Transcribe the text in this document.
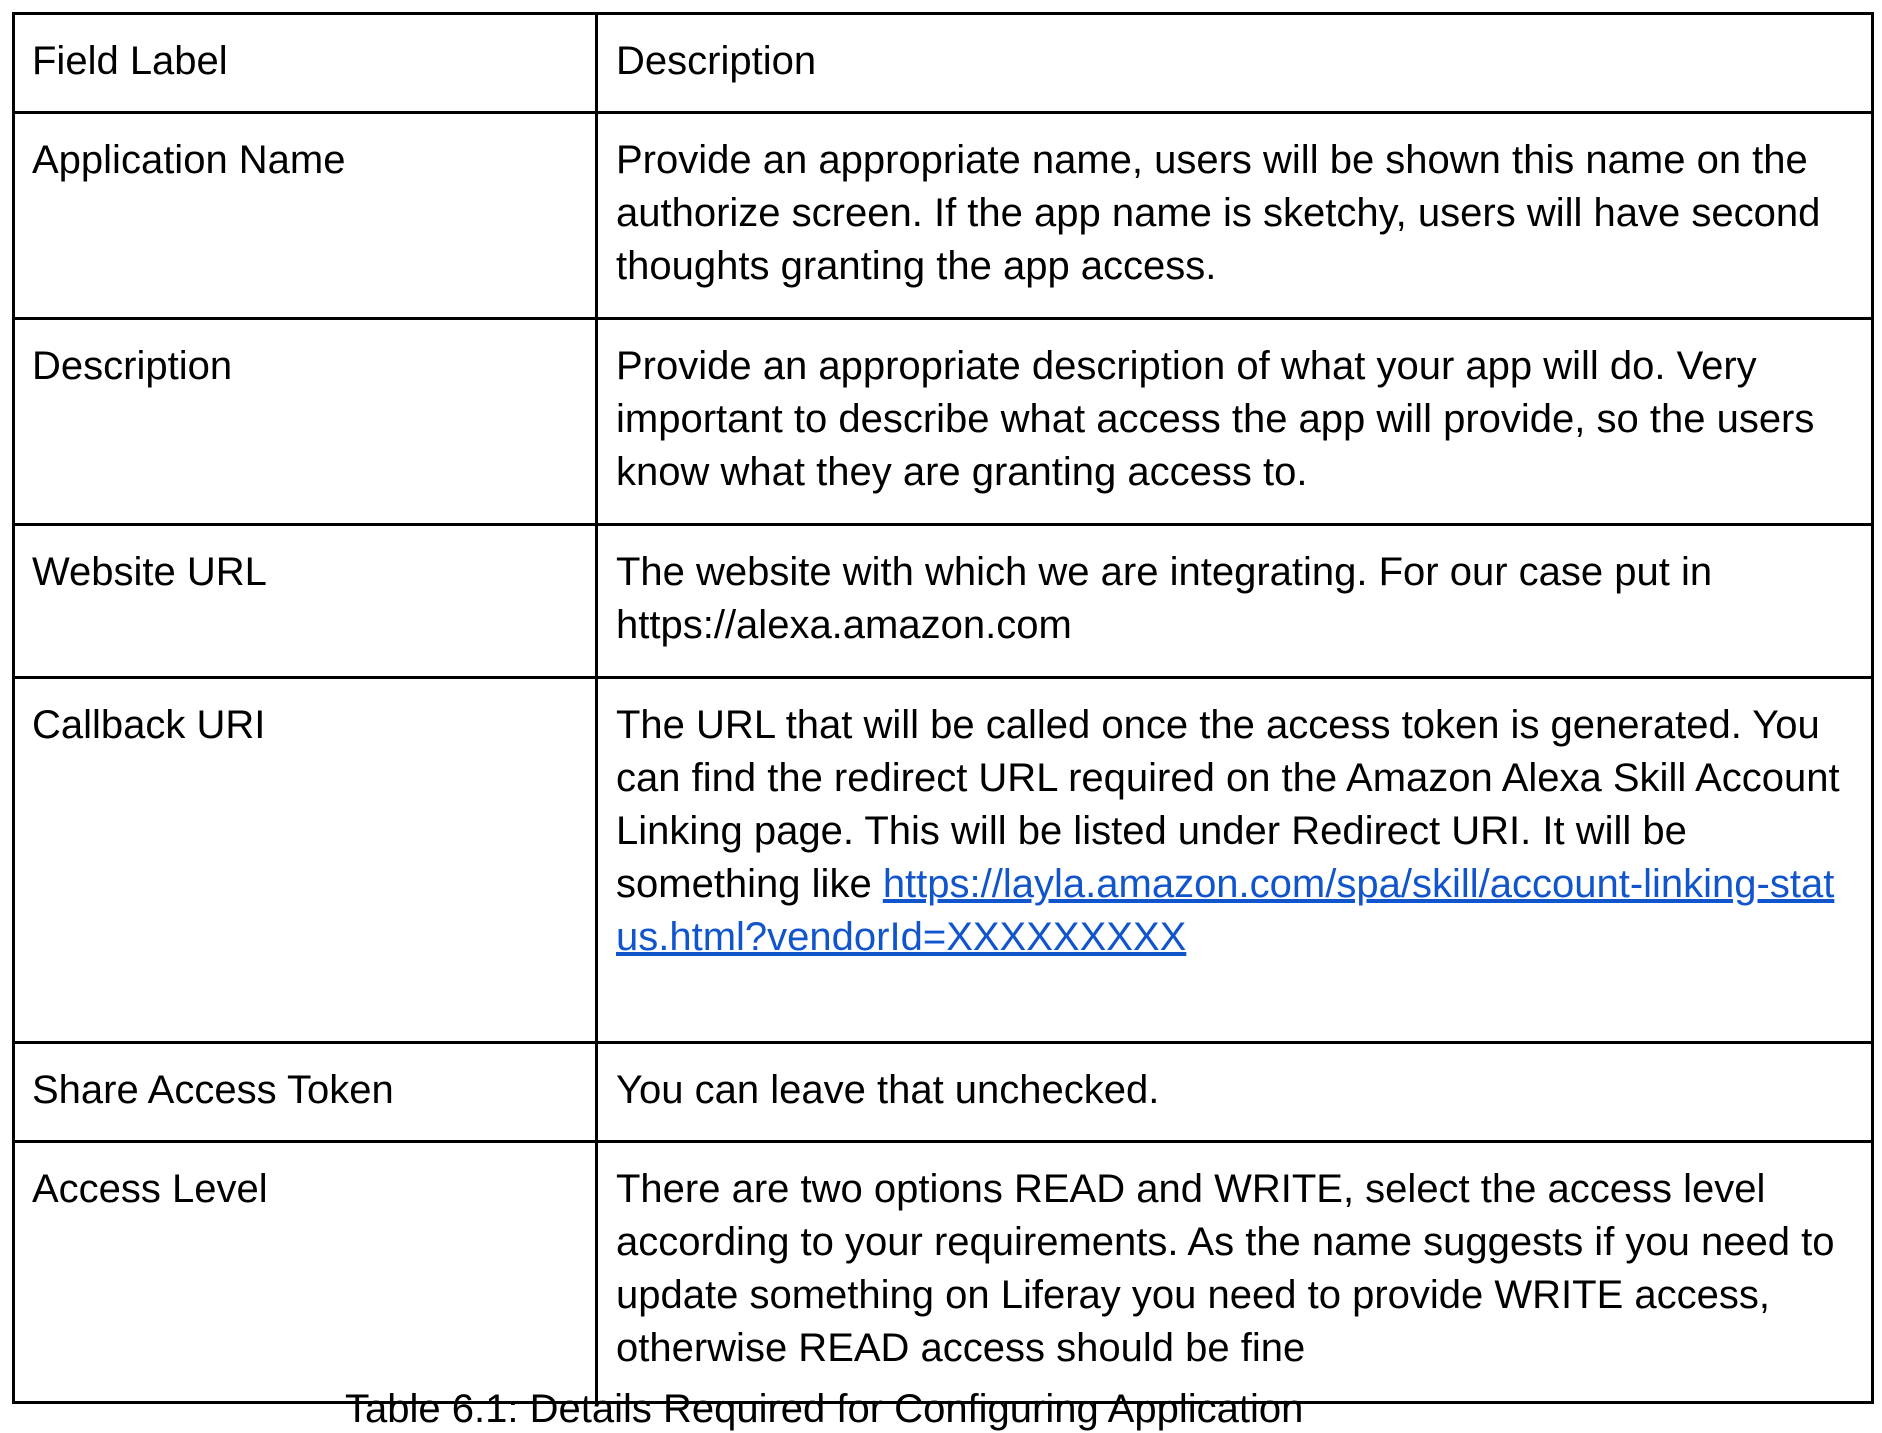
Field Label	Description
Application Name	Provide an appropriate name, users will be shown this name on the authorize screen. If the app name is sketchy, users will have second thoughts granting the app access.
Description	Provide an appropriate description of what your app will do. Very important to describe what access the app will provide, so the users know what they are granting access to.
Website URL	The website with which we are integrating. For our case put in https://alexa.amazon.com
Callback URI	The URL that will be called once the access token is generated. You can find the redirect URL required on the Amazon Alexa Skill Account Linking page. This will be listed under Redirect URI. It will be something like https://layla.amazon.com/spa/skill/account-linking-status.html?vendorId=XXXXXXXXX
Share Access Token	You can leave that unchecked.
Access Level	There are two options READ and WRITE, select the access level according to your requirements. As the name suggests if you need to update something on Liferay you need to provide WRITE access, otherwise READ access should be fine
Table 6.1: Details Required for Configuring Application
